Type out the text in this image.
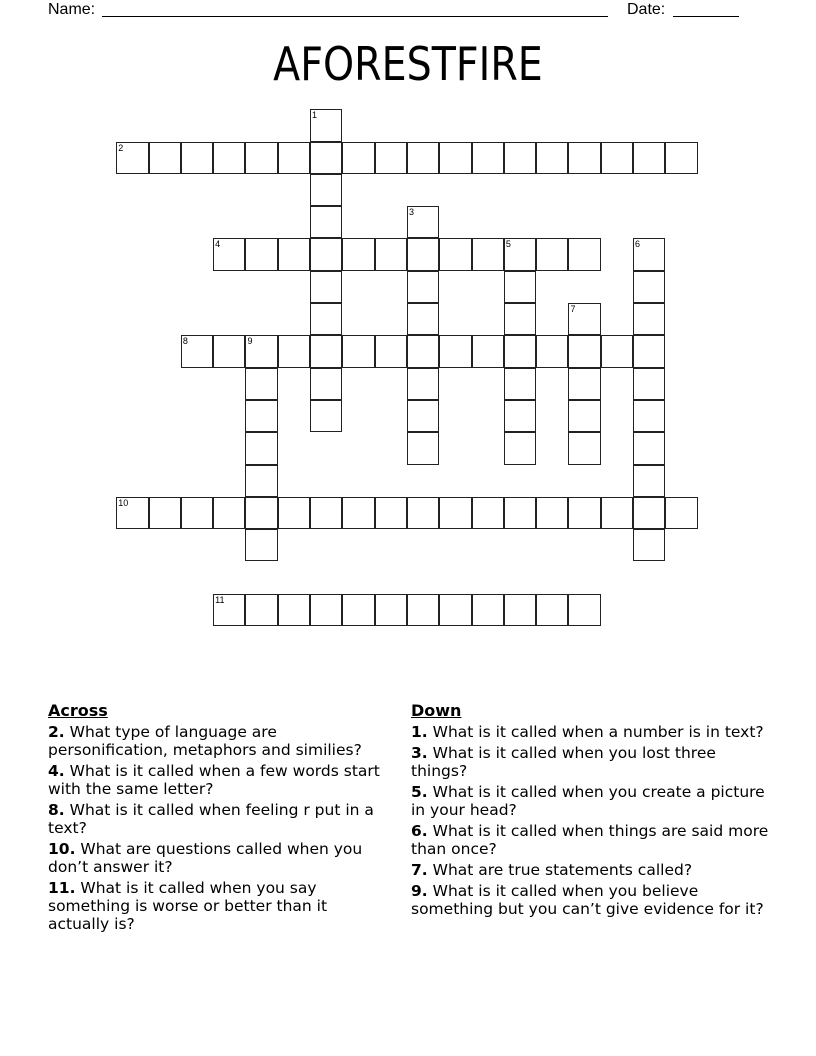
Name:	Date:
AFORESTFIRE
1
2
3
4	5	6
7
8	9
10
11
Across
2. What type of language are personification, metaphors and similies?
4. What is it called when a few words start with the same letter?
8. What is it called when feeling r put in a text?
10. What are questions called when you don’t answer it?
11. What is it called when you say something is worse or better than it actually is?
Down
1. What is it called when a number is in text?
3. What is it called when you lost three things?
5. What is it called when you create a picture in your head?
6. What is it called when things are said more than once?
7. What are true statements called?
9. What is it called when you believe something but you can’t give evidence for it?
